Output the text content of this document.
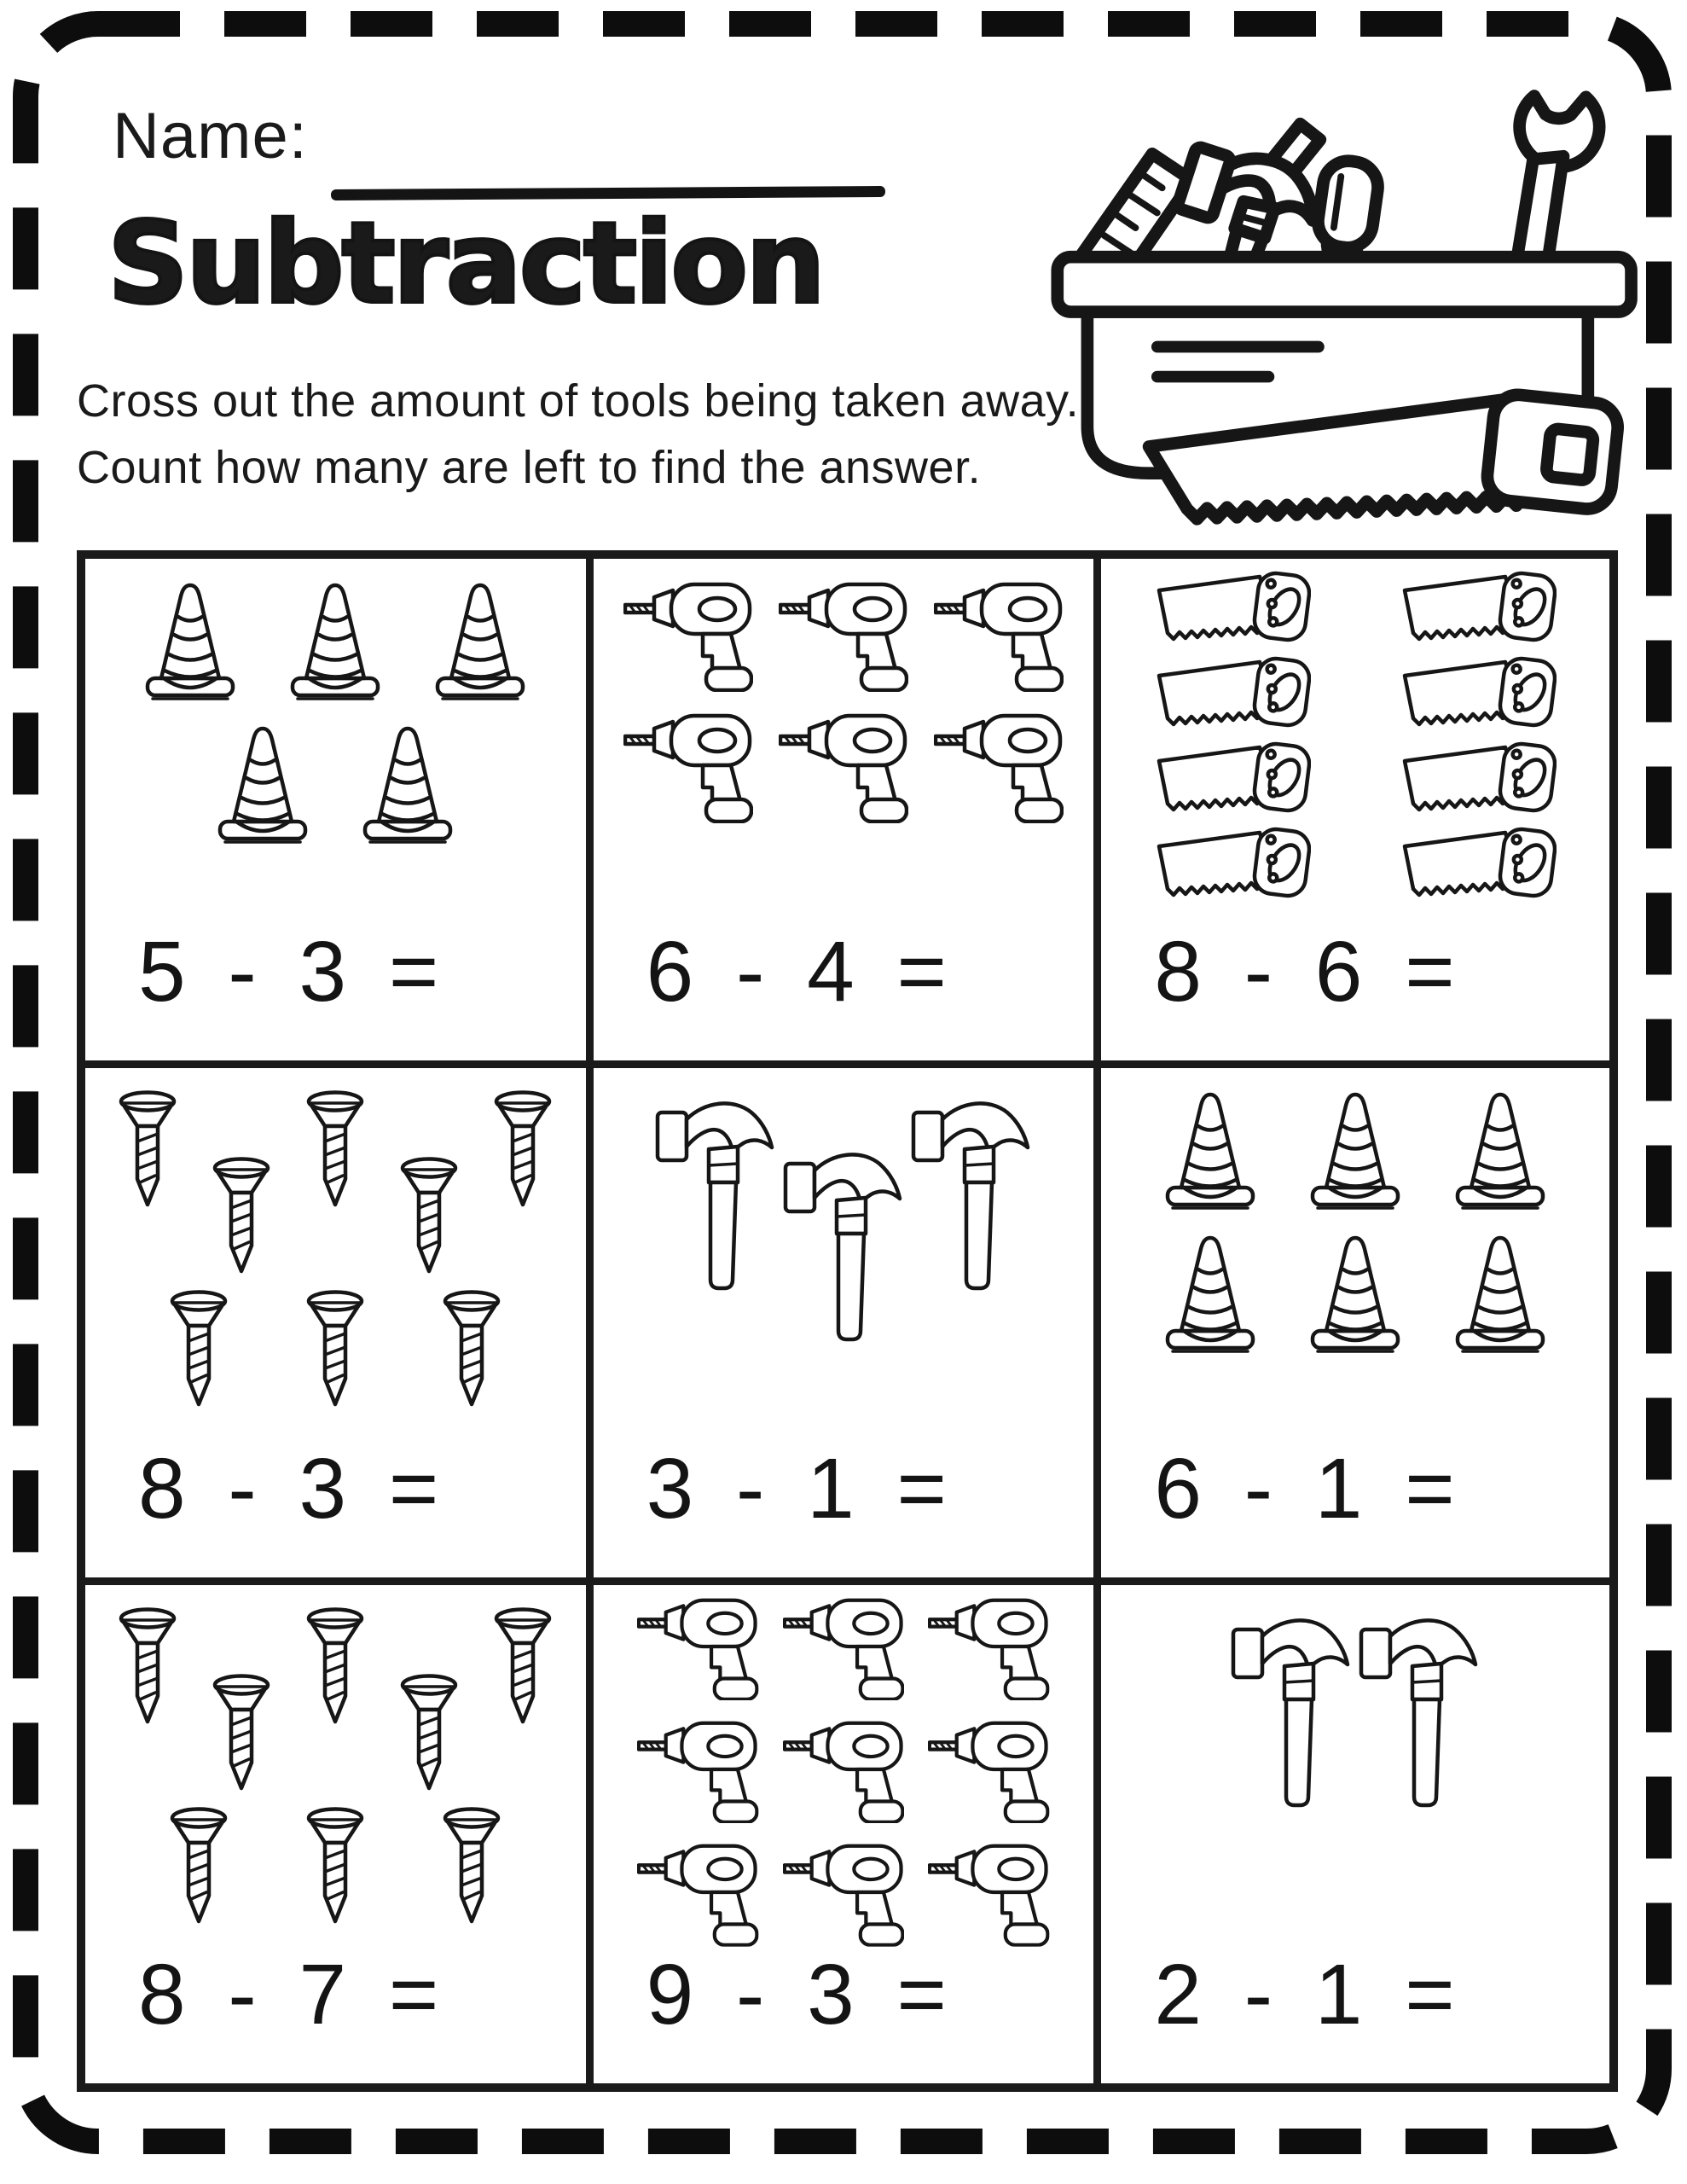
Name:
Subtraction
Cross out the amount of tools being taken away.
Count how many are left to find the answer.
5 - 3 = 6 - 4 = 8 - 6 =
8 - 3 = 3 - 1 = 6 - 1 =
8 - 7 = 9 - 3 = 2 - 1 =
